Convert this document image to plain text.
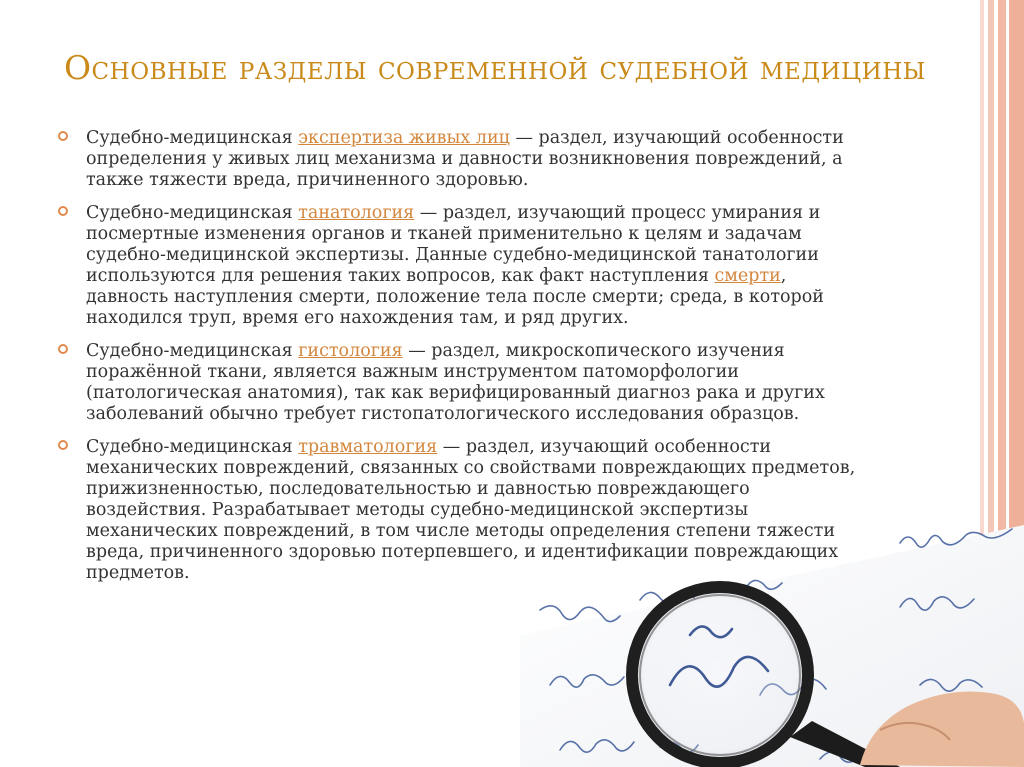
Основные разделы современной судебной медицины
Судебно-медицинская экспертиза живых лиц — раздел, изучающий особенности определения у живых лиц механизма и давности возникновения повреждений, а также тяжести вреда, причиненного здоровью.
Судебно-медицинская танатология — раздел, изучающий процесс умирания и посмертные изменения органов и тканей применительно к целям и задачам судебно-медицинской экспертизы. Данные судебно-медицинской танатологии используются для решения таких вопросов, как факт наступления смерти, давность наступления смерти, положение тела после смерти; среда, в которой находился труп, время его нахождения там, и ряд других.
Судебно-медицинская гистология — раздел, микроскопического изучения поражённой ткани, является важным инструментом патоморфологии (патологическая анатомия), так как верифицированный диагноз рака и других заболеваний обычно требует гистопатологического исследования образцов.
Судебно-медицинская травматология — раздел, изучающий особенности механических повреждений, связанных со свойствами повреждающих предметов, прижизненностью, последовательностью и давностью повреждающего воздействия. Разрабатывает методы судебно-медицинской экспертизы механических повреждений, в том числе методы определения степени тяжести вреда, причиненного здоровью потерпевшего, и идентификации повреждающих предметов.
